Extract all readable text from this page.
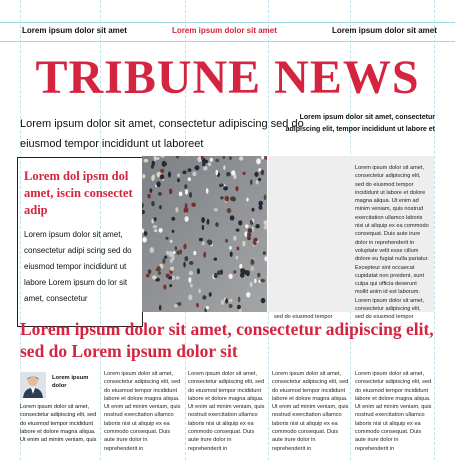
Lorem ipsum dolor sit amet	Lorem ipsum dolor sit amet	Lorem ipsum dolor sit amet
TRIBUNE NEWS
Lorem ipsum dolor sit amet, consectetur adipiscing sed do eiusmod tempor incididunt ut laboreet
Lorem ipsum dolor sit amet, consectetur adipiscing elit, tempor incididunt ut labore et
Lorem dol ipsm dol amet, iscin consectet adip
Lorem ipsum dolor sit amet, consectetur adipi scing sed do eiusmod tempor incididunt ut labore Lorem ipsum do lor sit amet, consectetur
sed do eiusmod tempor
Lorem ipsum dolor sit amet, consectetur adipiscing elit, sed do eiusmod tempor incididunt ut labore et dolore magna aliqua. Ut enim ad minim veniam, quis nostrud exercitation ullamco laboris nisi ut aliquip ex ea commodo consequat. Duis aute irure dolor in reprehenderit in voluptate velit esse cillum dolore eu fugiat nulla pariatur. Excepteur sint occaecat cupidatat non proident, sunt culpa qui officia deserunt mollit anim id est laborum. Lorem ipsum dolor sit amet, consectetur adipiscing elit, sed do eiusmod tempor
Lorem ipsum dolor sit amet, consectetur adipiscing elit, sed do Lorem ipsum dolor sit
Lorem ipsum dolor
Lorem ipsum dolor sit amet, consectetur adipiscing elit, sed do eiusmod tempor incididunt labore et dolore magna aliqua. Ut enim ad minim veniam, quis
Lorem ipsum dolor sit amet, consectetur adipiscing elit, sed do eiusmod tempor incididunt labore et dolore magna aliqua. Ut enim ad minim veniam, quis nostrud exercitation ullamco laboris nisi ut aliquip ex ea commodo consequat. Duis aute irure dolor in reprehenderit in
Lorem ipsum dolor sit amet, consectetur adipiscing elit, sed do eiusmod tempor incididunt labore et dolore magna aliqua. Ut enim ad minim veniam, quis nostrud exercitation ullamco laboris nisi ut aliquip ex ea commodo consequat. Duis aute irure dolor in reprehenderit in
Lorem ipsum dolor sit amet, consectetur adipiscing elit, sed do eiusmod tempor incididunt labore et dolore magna aliqua. Ut enim ad minim veniam, quis nostrud exercitation ullamco laboris nisi ut aliquip ex ea commodo consequat. Duis aute irure dolor in reprehenderit in
Lorem ipsum dolor sit amet, consectetur adipiscing elit, sed do eiusmod tempor incididunt labore et dolore magna aliqua. Ut enim ad minim veniam, quis nostrud exercitation ullamco laboris nisi ut aliquip ex ea commodo consequat. Duis aute irure dolor in reprehenderit in
